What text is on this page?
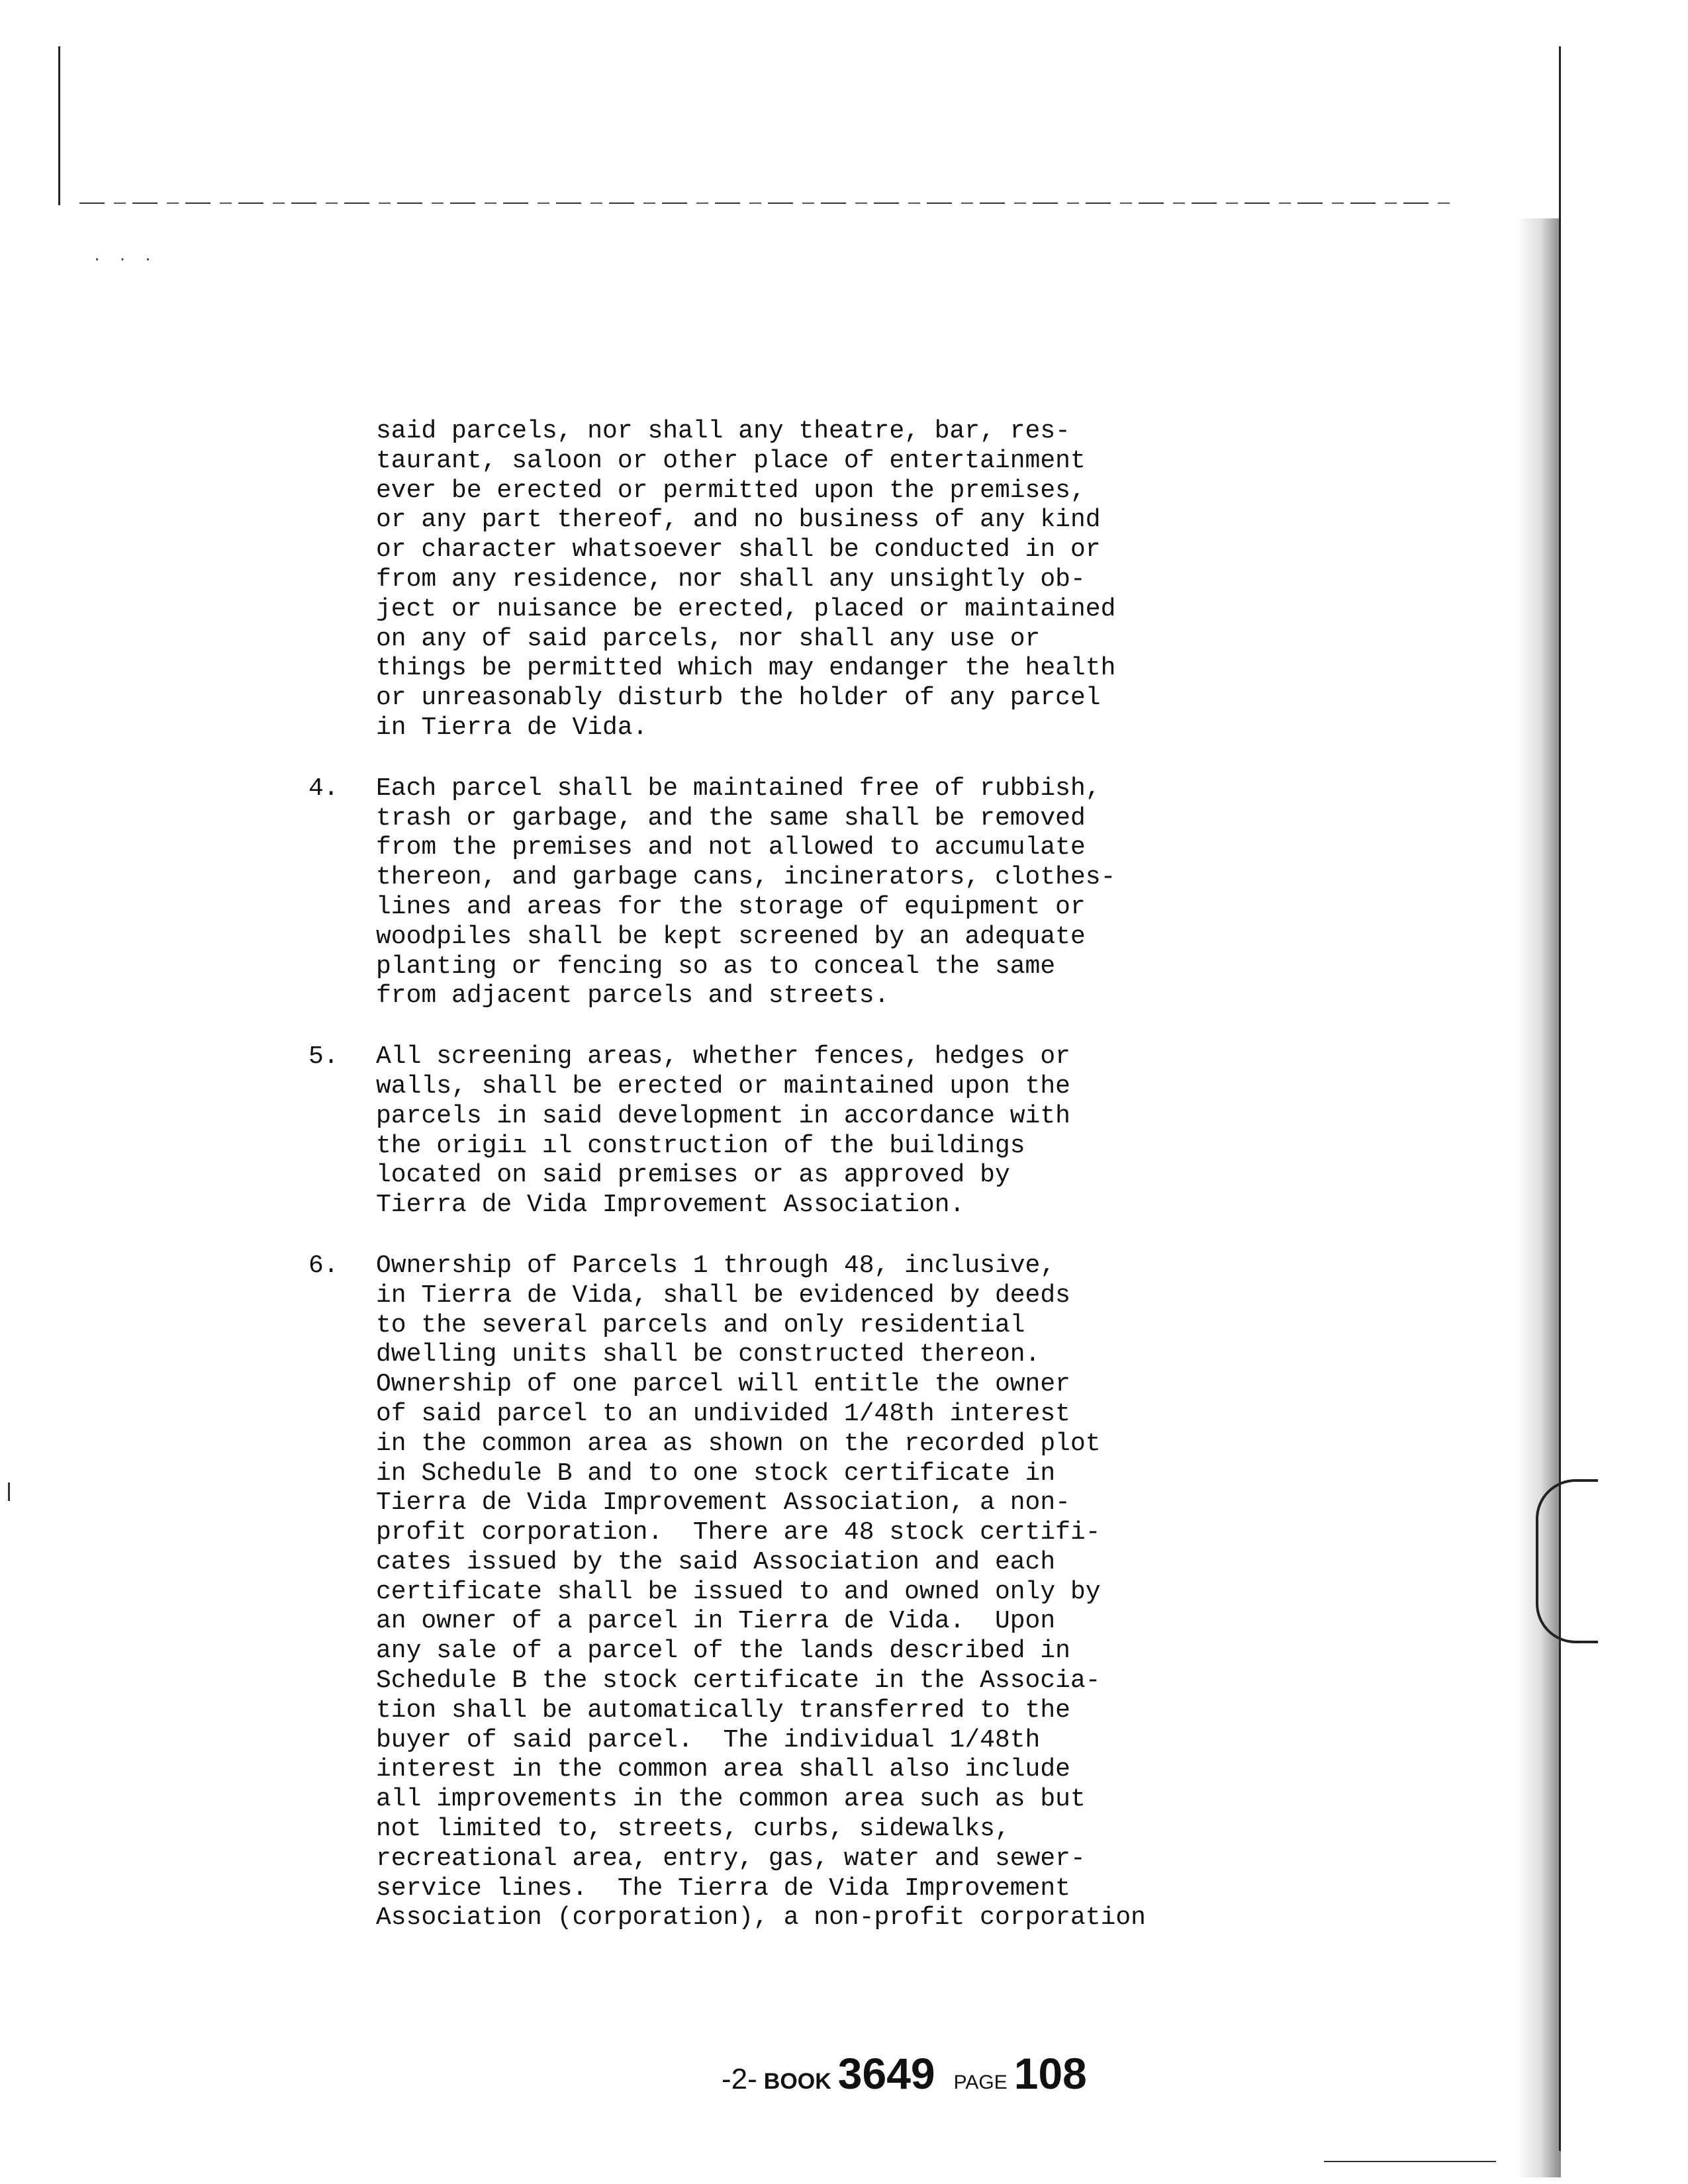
· · ·
said parcels, nor shall any theatre, bar, res-
taurant, saloon or other place of entertainment
ever be erected or permitted upon the premises,
or any part thereof, and no business of any kind
or character whatsoever shall be conducted in or
from any residence, nor shall any unsightly ob-
ject or nuisance be erected, placed or maintained
on any of said parcels, nor shall any use or
things be permitted which may endanger the health
or unreasonably disturb the holder of any parcel
in Tierra de Vida.
4. Each parcel shall be maintained free of rubbish,
trash or garbage, and the same shall be removed
from the premises and not allowed to accumulate
thereon, and garbage cans, incinerators, clothes-
lines and areas for the storage of equipment or
woodpiles shall be kept screened by an adequate
planting or fencing so as to conceal the same
from adjacent parcels and streets.
5. All screening areas, whether fences, hedges or
walls, shall be erected or maintained upon the
parcels in said development in accordance with
the origiı ıl construction of the buildings
located on said premises or as approved by
Tierra de Vida Improvement Association.
6. Ownership of Parcels 1 through 48, inclusive,
in Tierra de Vida, shall be evidenced by deeds
to the several parcels and only residential
dwelling units shall be constructed thereon.
Ownership of one parcel will entitle the owner
of said parcel to an undivided 1/48th interest
in the common area as shown on the recorded plot
in Schedule B and to one stock certificate in
Tierra de Vida Improvement Association, a non-
profit corporation.  There are 48 stock certifi-
cates issued by the said Association and each
certificate shall be issued to and owned only by
an owner of a parcel in Tierra de Vida.  Upon
any sale of a parcel of the lands described in
Schedule B the stock certificate in the Associa-
tion shall be automatically transferred to the
buyer of said parcel.  The individual 1/48th
interest in the common area shall also include
all improvements in the common area such as but
not limited to, streets, curbs, sidewalks,
recreational area, entry, gas, water and sewer-
service lines.  The Tierra de Vida Improvement
Association (corporation), a non-profit corporation
-2- BOOK 3649 PAGE 108
